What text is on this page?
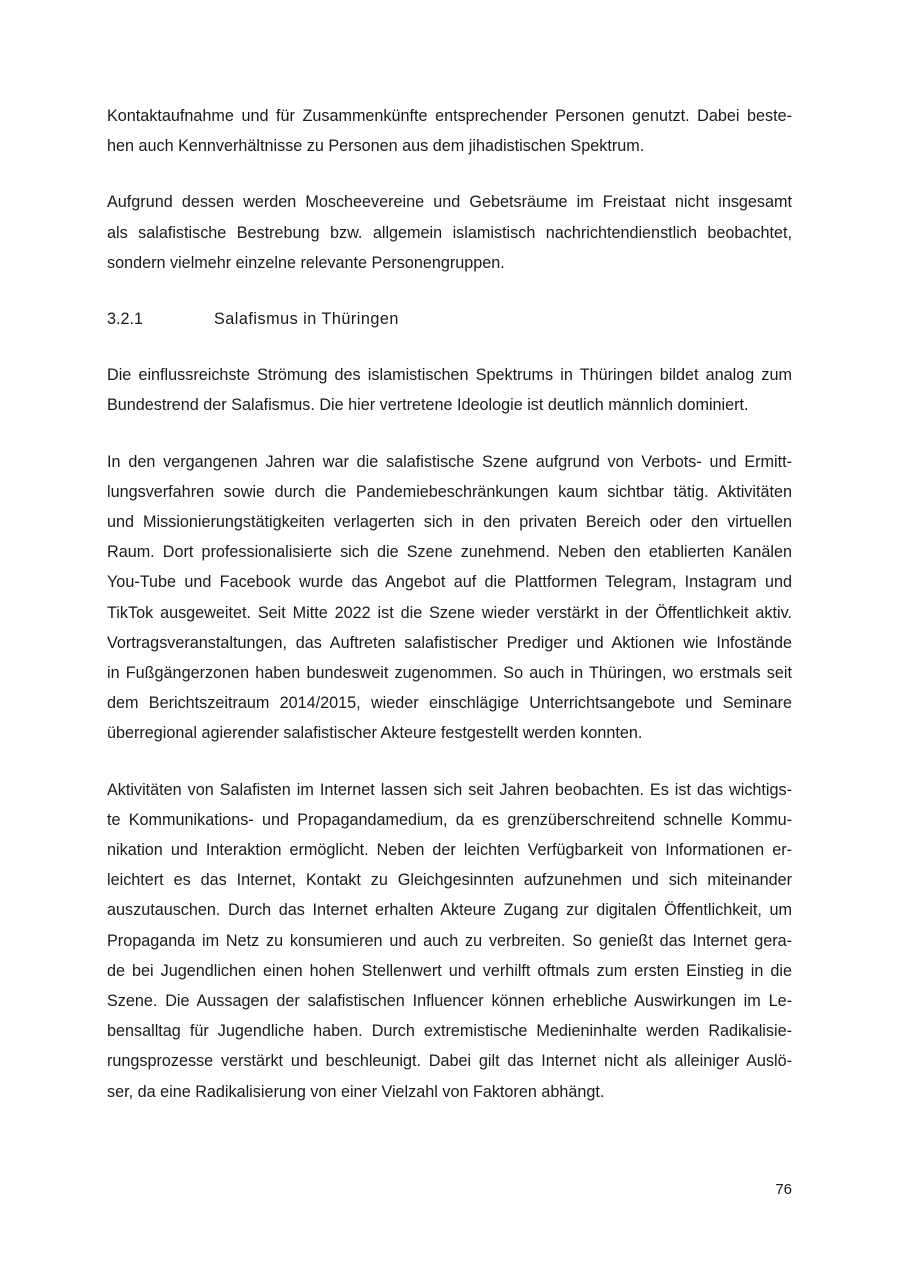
Kontaktaufnahme und für Zusammenkünfte entsprechender Personen genutzt. Dabei beste-
hen auch Kennverhältnisse zu Personen aus dem jihadistischen Spektrum.

Aufgrund dessen werden Moscheevereine und Gebetsräume im Freistaat nicht insgesamt
als salafistische Bestrebung bzw. allgemein islamistisch nachrichtendienstlich beobachtet,
sondern vielmehr einzelne relevante Personengruppen.

3.2.1	Salafismus in Thüringen

Die einflussreichste Strömung des islamistischen Spektrums in Thüringen bildet analog zum
Bundestrend der Salafismus. Die hier vertretene Ideologie ist deutlich männlich dominiert.

In den vergangenen Jahren war die salafistische Szene aufgrund von Verbots- und Ermitt-
lungsverfahren sowie durch die Pandemiebeschränkungen kaum sichtbar tätig. Aktivitäten
und Missionierungstätigkeiten verlagerten sich in den privaten Bereich oder den virtuellen
Raum. Dort professionalisierte sich die Szene zunehmend. Neben den etablierten Kanälen
You-Tube und Facebook wurde das Angebot auf die Plattformen Telegram, Instagram und
TikTok ausgeweitet. Seit Mitte 2022 ist die Szene wieder verstärkt in der Öffentlichkeit aktiv.
Vortragsveranstaltungen, das Auftreten salafistischer Prediger und Aktionen wie Infostände
in Fußgängerzonen haben bundesweit zugenommen. So auch in Thüringen, wo erstmals seit
dem Berichtszeitraum 2014/2015, wieder einschlägige Unterrichtsangebote und Seminare
überregional agierender salafistischer Akteure festgestellt werden konnten.

Aktivitäten von Salafisten im Internet lassen sich seit Jahren beobachten. Es ist das wichtigs-
te Kommunikations- und Propagandamedium, da es grenzüberschreitend schnelle Kommu-
nikation und Interaktion ermöglicht. Neben der leichten Verfügbarkeit von Informationen er-
leichtert es das Internet, Kontakt zu Gleichgesinnten aufzunehmen und sich miteinander
auszutauschen. Durch das Internet erhalten Akteure Zugang zur digitalen Öffentlichkeit, um
Propaganda im Netz zu konsumieren und auch zu verbreiten. So genießt das Internet gera-
de bei Jugendlichen einen hohen Stellenwert und verhilft oftmals zum ersten Einstieg in die
Szene. Die Aussagen der salafistischen Influencer können erhebliche Auswirkungen im Le-
bensalltag für Jugendliche haben. Durch extremistische Medieninhalte werden Radikalisie-
rungsprozesse verstärkt und beschleunigt. Dabei gilt das Internet nicht als alleiniger Auslö-
ser, da eine Radikalisierung von einer Vielzahl von Faktoren abhängt.

76
